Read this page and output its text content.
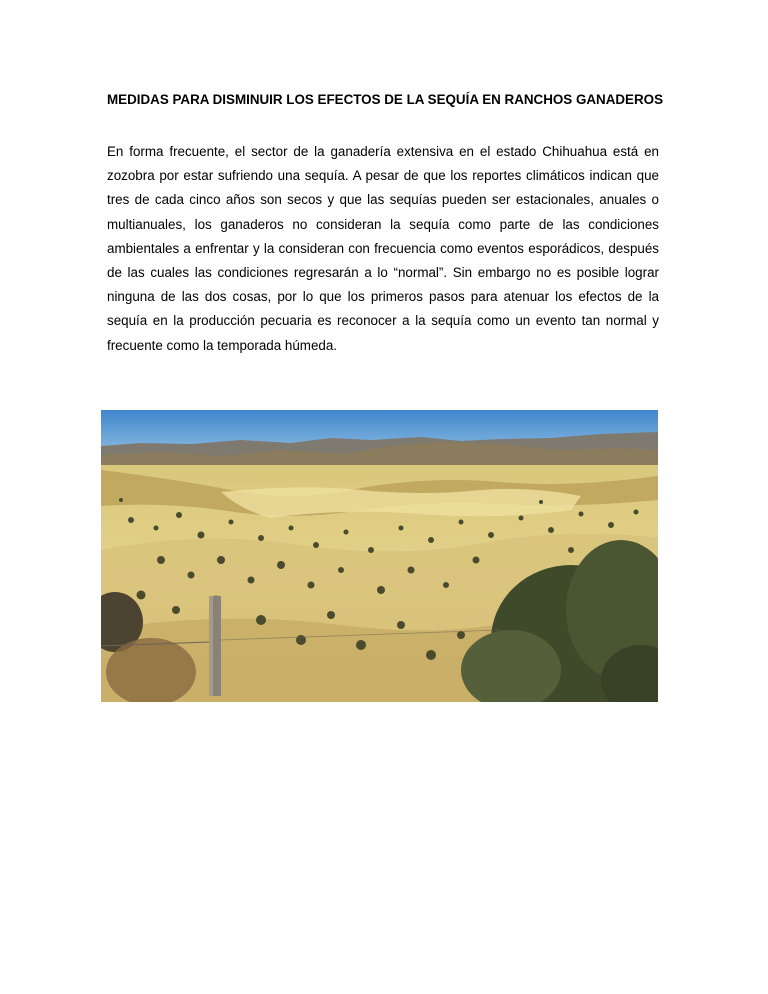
MEDIDAS PARA DISMINUIR LOS EFECTOS DE LA SEQUÍA EN RANCHOS GANADEROS

En forma frecuente, el sector de la ganadería extensiva en el estado Chihuahua está en zozobra por estar sufriendo una sequía. A pesar de que los reportes climáticos indican que tres de cada cinco años son secos y que las sequías pueden ser estacionales, anuales o multianuales, los ganaderos no consideran la sequía como parte de las condiciones ambientales a enfrentar y la consideran con frecuencia como eventos esporádicos, después de las cuales las condiciones regresarán a lo “normal”. Sin embargo no es posible lograr ninguna de las dos cosas, por lo que los primeros pasos para atenuar los efectos de la sequía en la producción pecuaria es reconocer a la sequía como un evento tan normal y frecuente como la temporada húmeda.
